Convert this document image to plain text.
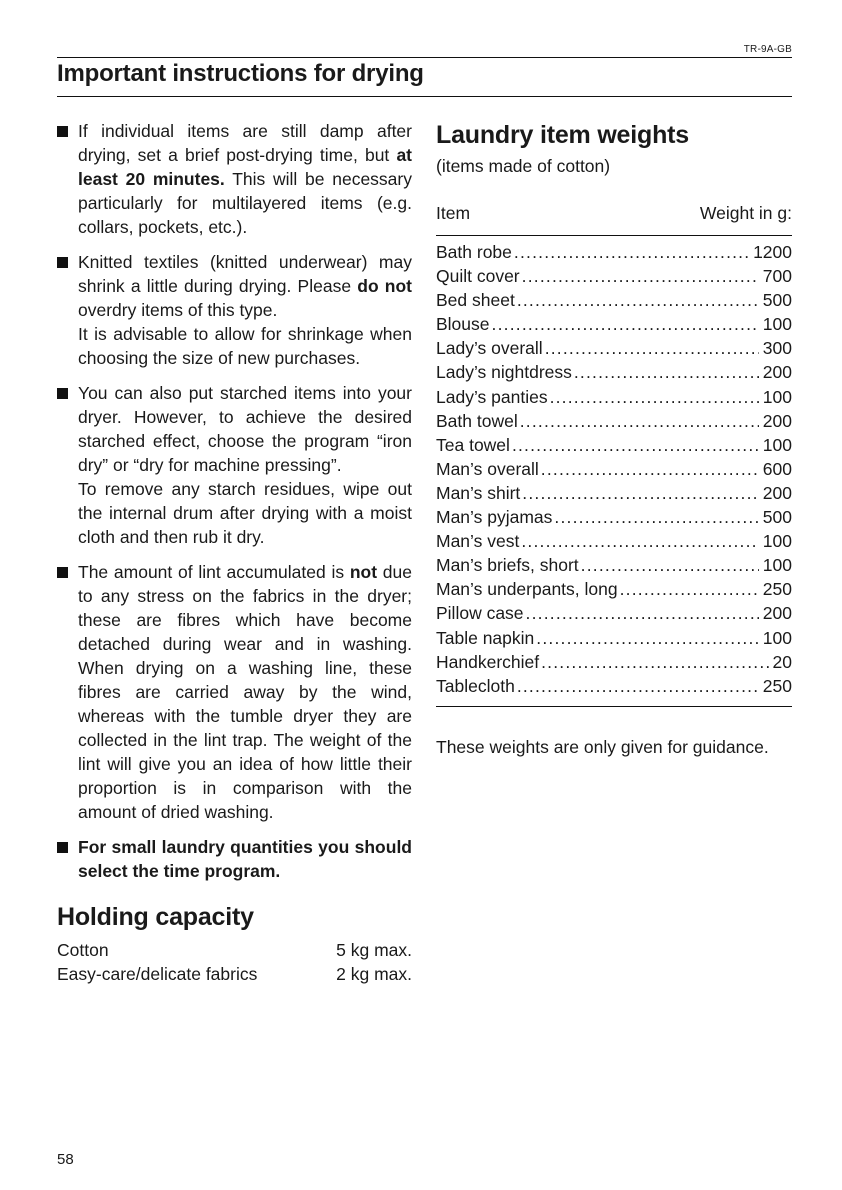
TR-9A-GB
Important instructions for drying

If individual items are still damp after drying, set a brief post-drying time, but at least 20 minutes. This will be necessary particularly for multilayered items (e.g. collars, pockets, etc.).

Knitted textiles (knitted underwear) may shrink a little during drying. Please do not overdry items of this type.
It is advisable to allow for shrinkage when choosing the size of new purchases.

You can also put starched items into your dryer. However, to achieve the desired starched effect, choose the program “iron dry” or “dry for machine pressing”.
To remove any starch residues, wipe out the internal drum after drying with a moist cloth and then rub it dry.

The amount of lint accumulated is not due to any stress on the fabrics in the dryer; these are fibres which have become detached during wear and in washing. When drying on a washing line, these fibres are carried away by the wind, whereas with the tumble dryer they are collected in the lint trap. The weight of the lint will give you an idea of how little their proportion is in comparison with the amount of dried washing.

For small laundry quantities you should select the time program.

Holding capacity
Cotton	5 kg max.
Easy-care/delicate fabrics	2 kg max.
Laundry item weights

(items made of cotton)

Item	Weight in g:
Bath robe .....	1200
Quilt cover .....	700
Bed sheet .....	500
Blouse .....	100
Lady’s overall .....	300
Lady’s nightdress .....	200
Lady’s panties .....	100
Bath towel .....	200
Tea towel .....	100
Man’s overall .....	600
Man’s shirt .....	200
Man’s pyjamas .....	500
Man’s vest .....	100
Man’s briefs, short .....	100
Man’s underpants, long .....	250
Pillow case .....	200
Table napkin .....	100
Handkerchief .....	20
Tablecloth .....	250

These weights are only given for guidance.

58
